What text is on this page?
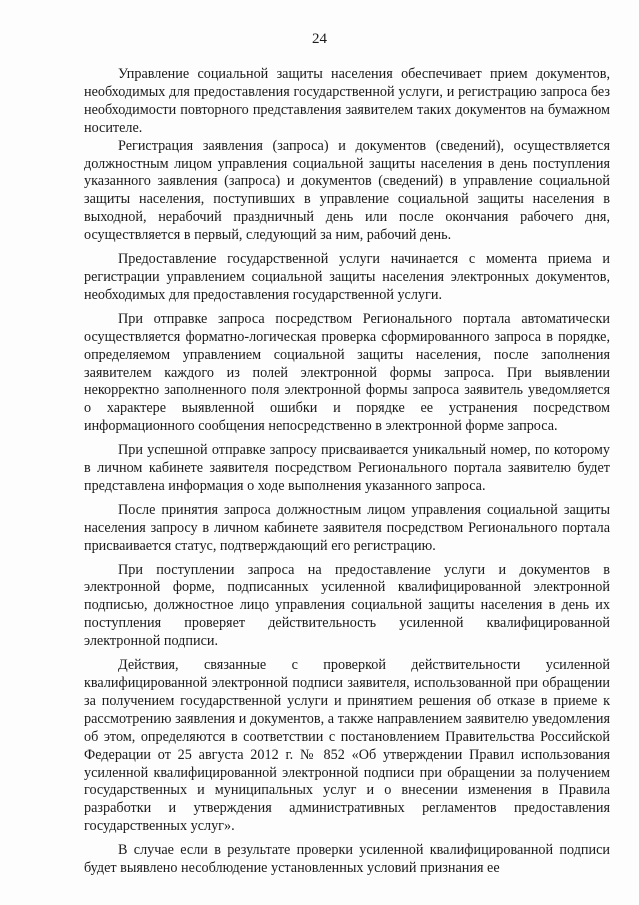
24

Управление социальной защиты населения обеспечивает прием документов, необходимых для предоставления государственной услуги, и регистрацию запроса без необходимости повторного представления заявителем таких документов на бумажном носителе.

Регистрация заявления (запроса) и документов (сведений), осуществляется должностным лицом управления социальной защиты населения в день поступления указанного заявления (запроса) и документов (сведений) в управление социальной защиты населения, поступивших в управление социальной защиты населения в выходной, нерабочий праздничный день или после окончания рабочего дня, осуществляется в первый, следующий за ним, рабочий день.

Предоставление государственной услуги начинается с момента приема и регистрации управлением социальной защиты населения электронных документов, необходимых для предоставления государственной услуги.

При отправке запроса посредством Регионального портала автоматически осуществляется форматно-логическая проверка сформированного запроса в порядке, определяемом управлением социальной защиты населения, после заполнения заявителем каждого из полей электронной формы запроса. При выявлении некорректно заполненного поля электронной формы запроса заявитель уведомляется о характере выявленной ошибки и порядке ее устранения посредством информационного сообщения непосредственно в электронной форме запроса.

При успешной отправке запросу присваивается уникальный номер, по которому в личном кабинете заявителя посредством Регионального портала заявителю будет представлена информация о ходе выполнения указанного запроса.

После принятия запроса должностным лицом управления социальной защиты населения запросу в личном кабинете заявителя посредством Регионального портала присваивается статус, подтверждающий его регистрацию.

При поступлении запроса на предоставление услуги и документов в электронной форме, подписанных усиленной квалифицированной электронной подписью, должностное лицо управления социальной защиты населения в день их поступления проверяет действительность усиленной квалифицированной электронной подписи.

Действия, связанные с проверкой действительности усиленной квалифицированной электронной подписи заявителя, использованной при обращении за получением государственной услуги и принятием решения об отказе в приеме к рассмотрению заявления и документов, а также направлением заявителю уведомления об этом, определяются в соответствии с постановлением Правительства Российской Федерации от 25 августа 2012 г. № 852 «Об утверждении Правил использования усиленной квалифицированной электронной подписи при обращении за получением государственных и муниципальных услуг и о внесении изменения в Правила разработки и утверждения административных регламентов предоставления государственных услуг».

В случае если в результате проверки усиленной квалифицированной подписи будет выявлено несоблюдение установленных условий признания ее
